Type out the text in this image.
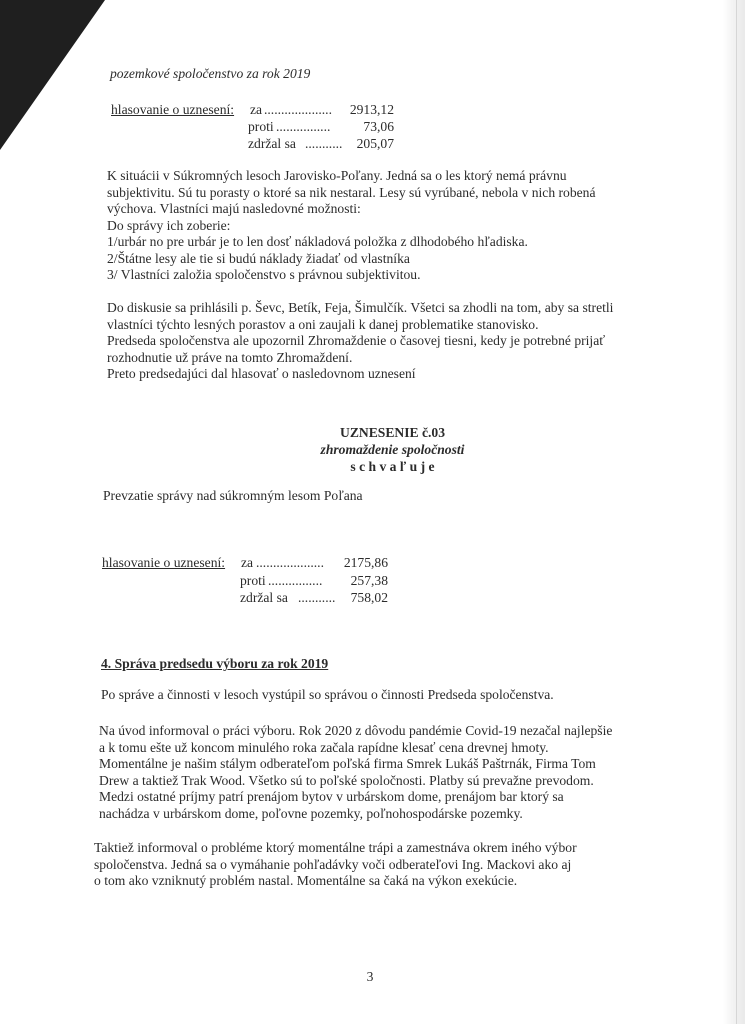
pozemkové spoločenstvo za rok 2019
hlasovanie o uznesení: za ....................	2913,12
proti ................	73,06
zdržal sa ...........	205,07
K situácii v Súkromných lesoch Jarovisko-Poľany. Jedná sa o les ktorý nemá právnu
subjektivitu. Sú tu porasty o ktoré sa nik nestaral. Lesy sú vyrúbané, nebola v nich robená
výchova. Vlastníci majú nasledovné možnosti:
Do správy ich zoberie:
1/urbár no pre urbár je to len dosť nákladová položka z dlhodobého hľadiska.
2/Štátne lesy ale tie si budú náklady žiadať od vlastníka
3/ Vlastníci založia spoločenstvo s právnou subjektivitou.
Do diskusie sa prihlásili p. Ševc, Betík, Feja, Šimulčík. Všetci sa zhodli na tom, aby sa stretli
vlastníci týchto lesných porastov a oni zaujali k danej problematike stanovisko.
Predseda spoločenstva ale upozornil Zhromaždenie o časovej tiesni, kedy je potrebné prijať
rozhodnutie už práve na tomto Zhromaždení.
Preto predsedajúci dal hlasovať o nasledovnom uznesení
UZNESENIE č.03
zhromaždenie spoločnosti
s c h v a ľ u j e
Prevzatie správy nad súkromným lesom Poľana
hlasovanie o uznesení: za ....................	2175,86
proti ................	257,38
zdržal sa ...........	758,02
4. Správa predsedu výboru za rok 2019
Po správe a činnosti v lesoch vystúpil so správou o činnosti Predseda spoločenstva.
Na úvod informoval o práci výboru. Rok 2020 z dôvodu pandémie Covid-19 nezačal najlepšie
a k tomu ešte už koncom minulého roka začala rapídne klesať cena drevnej hmoty.
Momentálne je našim stálym odberateľom poľská firma Smrek Lukáš Paštrnák, Firma Tom
Drew a taktiež Trak Wood. Všetko sú to poľské spoločnosti. Platby sú prevažne prevodom.
Medzi ostatné príjmy patrí prenájom bytov v urbárskom dome, prenájom bar ktorý sa
nachádza v urbárskom dome, poľovne pozemky, poľnohospodárske pozemky.
Taktiež informoval o probléme ktorý momentálne trápi a zamestnáva okrem iného výbor
spoločenstva. Jedná sa o vymáhanie pohľadávky voči odberateľovi Ing. Mackovi ako aj
o tom ako vzniknutý problém nastal. Momentálne sa čaká na výkon exekúcie.
3
